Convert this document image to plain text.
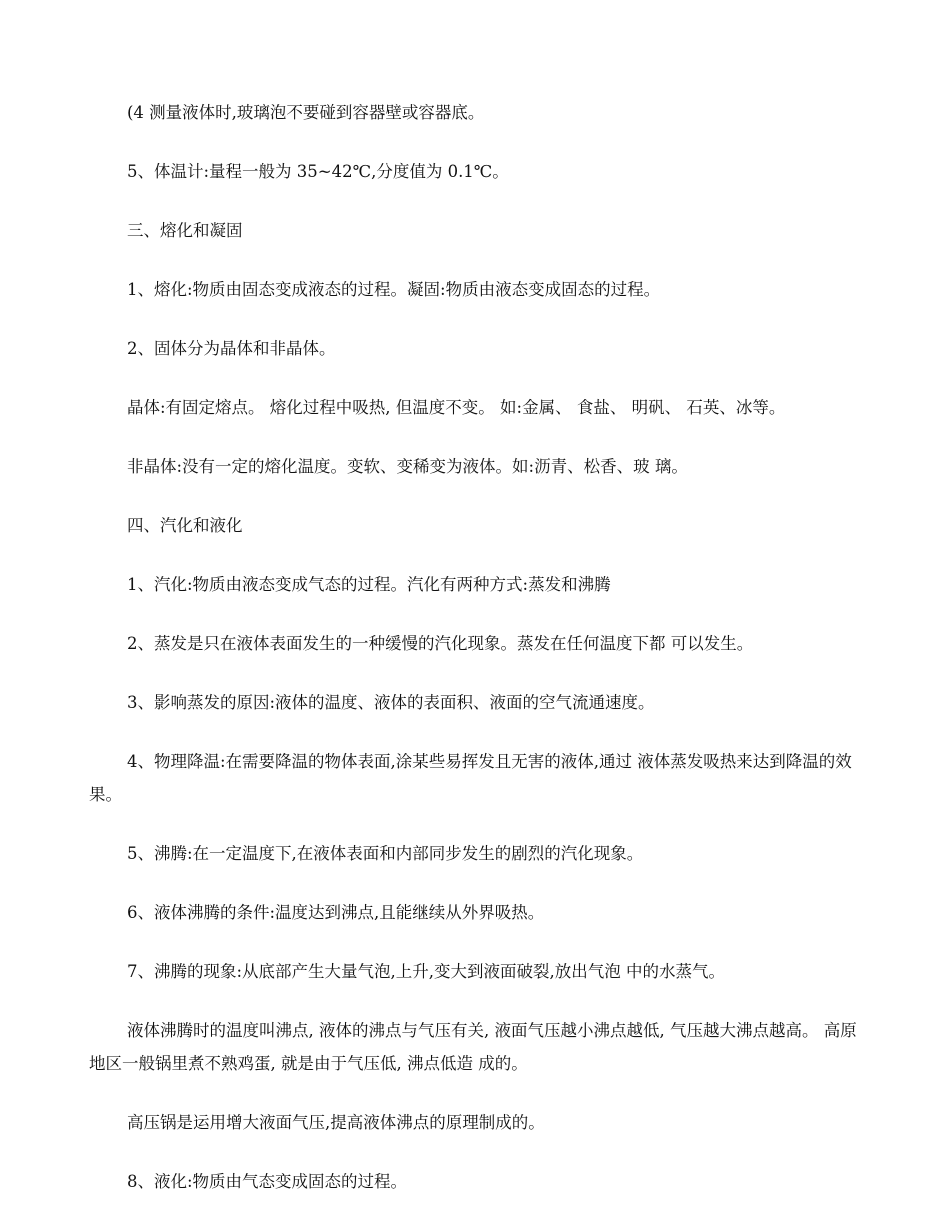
(4 测量液体时,玻璃泡不要碰到容器壁或容器底。

5、体温计:量程一般为 35~42℃,分度值为 0.1℃。

三、熔化和凝固

1、熔化:物质由固态变成液态的过程。凝固:物质由液态变成固态的过程。

2、固体分为晶体和非晶体。

晶体:有固定熔点。 熔化过程中吸热, 但温度不变。 如:金属、 食盐、 明矾、 石英、冰等。

非晶体:没有一定的熔化温度。变软、变稀变为液体。如:沥青、松香、玻 璃。

四、汽化和液化

1、汽化:物质由液态变成气态的过程。汽化有两种方式:蒸发和沸腾

2、蒸发是只在液体表面发生的一种缓慢的汽化现象。蒸发在任何温度下都 可以发生。

3、影响蒸发的原因:液体的温度、液体的表面积、液面的空气流通速度。

4、物理降温:在需要降温的物体表面,涂某些易挥发且无害的液体,通过 液体蒸发吸热来达到降温的效果。

5、沸腾:在一定温度下,在液体表面和内部同步发生的剧烈的汽化现象。

6、液体沸腾的条件:温度达到沸点,且能继续从外界吸热。

7、沸腾的现象:从底部产生大量气泡,上升,变大到液面破裂,放出气泡 中的水蒸气。

液体沸腾时的温度叫沸点, 液体的沸点与气压有关, 液面气压越小沸点越低, 气压越大沸点越高。 高原地区一般锅里煮不熟鸡蛋, 就是由于气压低, 沸点低造 成的。

高压锅是运用增大液面气压,提高液体沸点的原理制成的。

8、液化:物质由气态变成固态的过程。
